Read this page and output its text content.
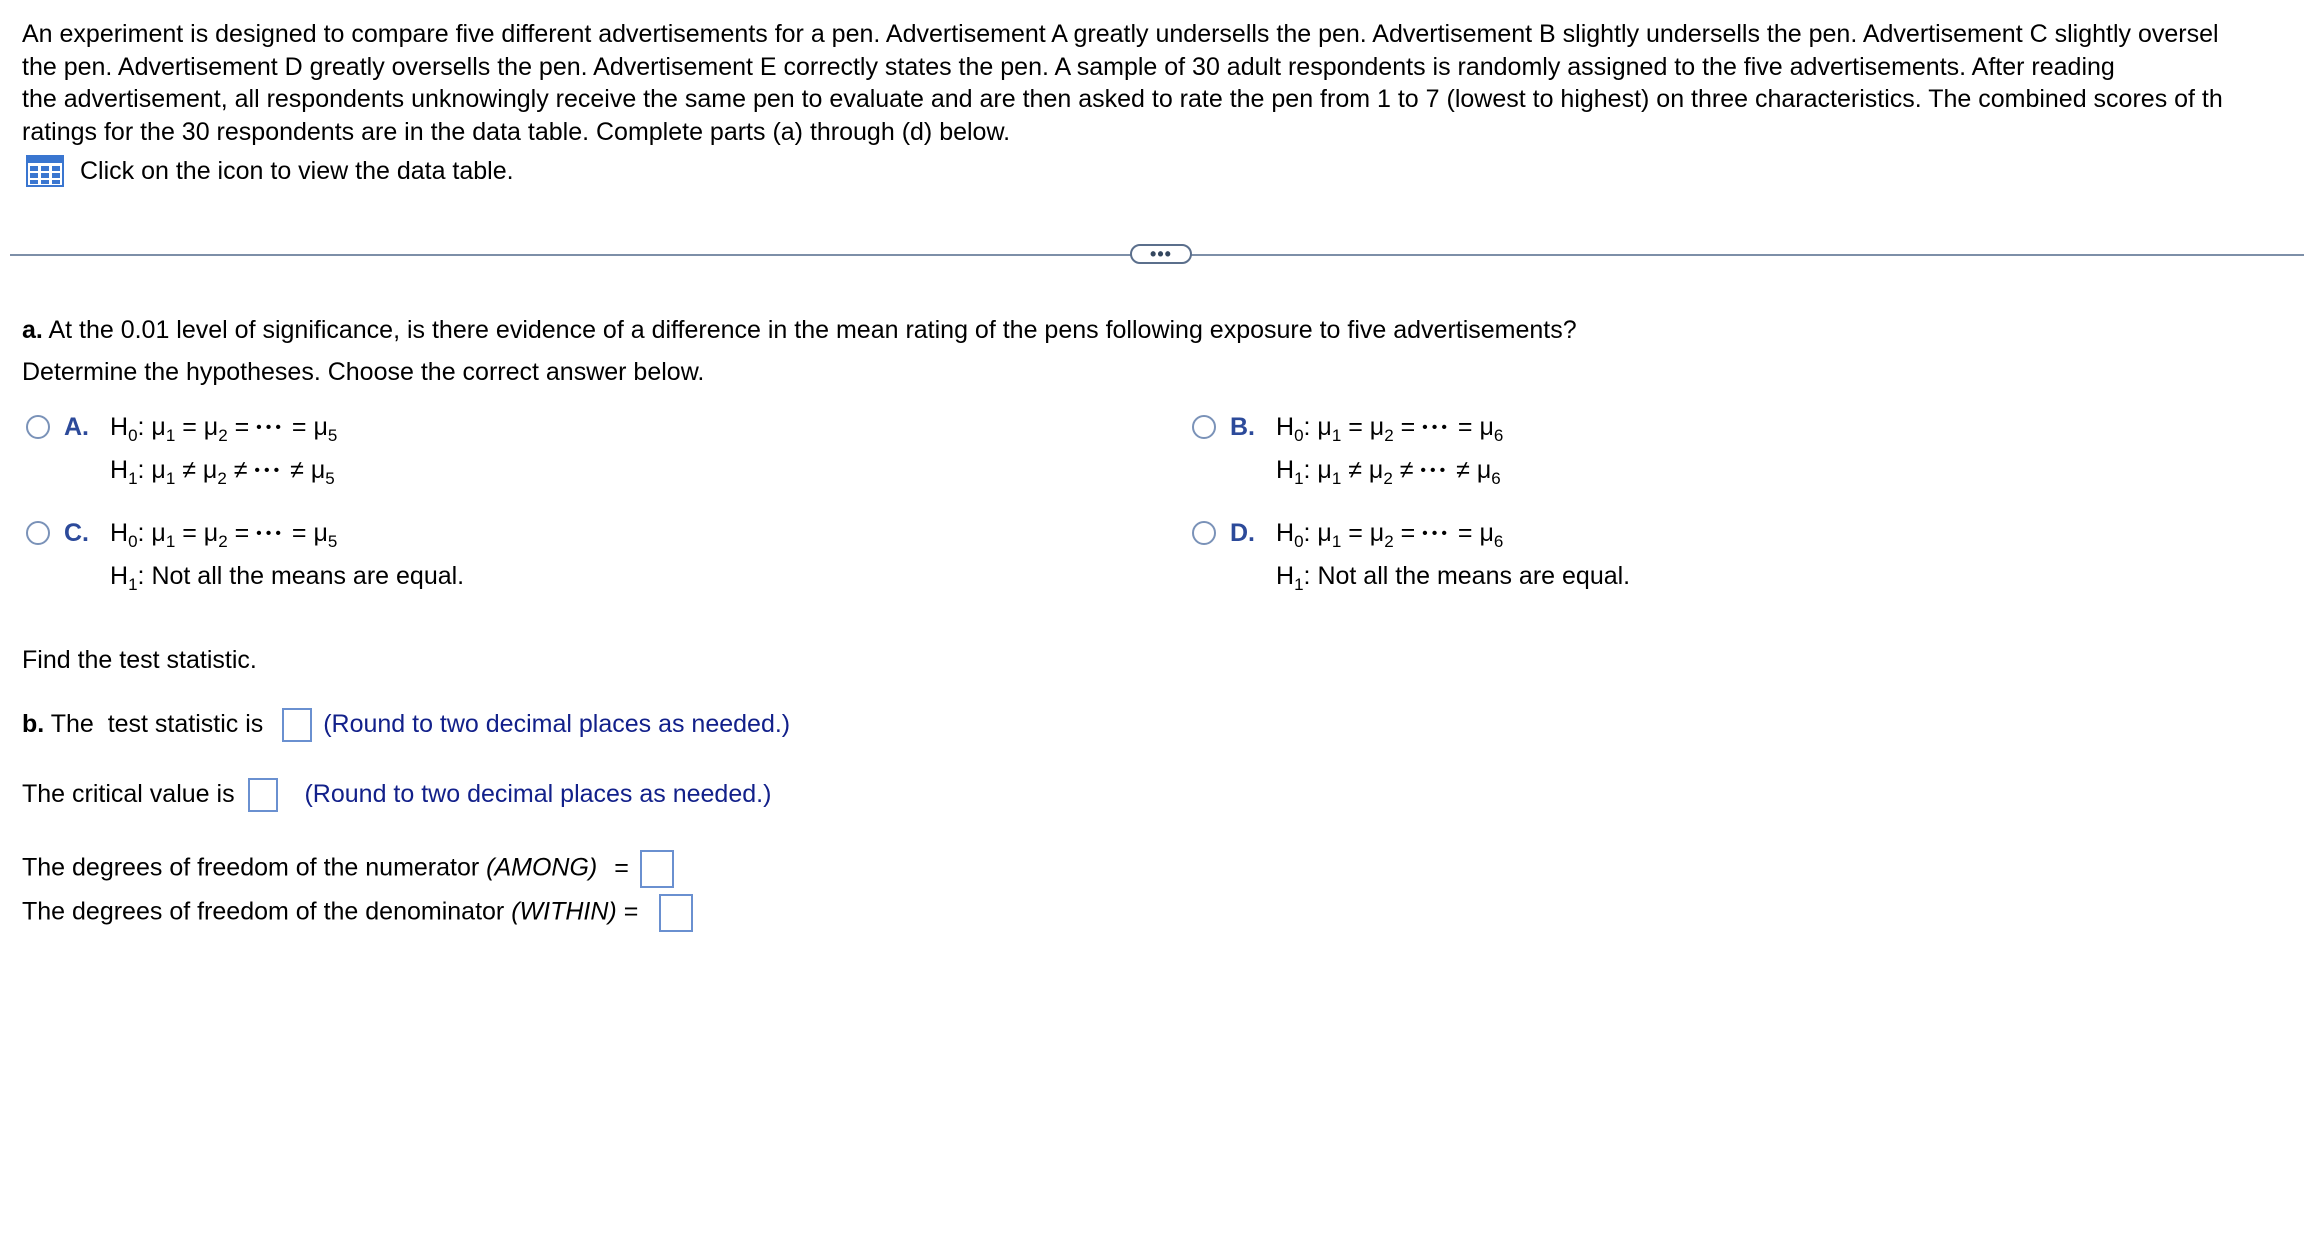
An experiment is designed to compare five different advertisements for a pen. Advertisement A greatly undersells the pen. Advertisement B slightly undersells the pen. Advertisement C slightly oversel
the pen. Advertisement D greatly oversells the pen. Advertisement E correctly states the pen. A sample of 30 adult respondents is randomly assigned to the five advertisements. After reading
the advertisement, all respondents unknowingly receive the same pen to evaluate and are then asked to rate the pen from 1 to 7 (lowest to highest) on three characteristics. The combined scores of th
ratings for the 30 respondents are in the data table. Complete parts (a) through (d) below.
Click on the icon to view the data table.
•••
a. At the 0.01 level of significance, is there evidence of a difference in the mean rating of the pens following exposure to five advertisements?
Determine the hypotheses. Choose the correct answer below.
A. $H_0$: $\mu_1 = \mu_2$ = ••• = $\mu_5$
$H_1$: $\mu_1 \ne \mu_2$ ≠ ••• ≠ $\mu_5$
B. $H_0$: $\mu_1 = \mu_2$ = ••• = $\mu_6$
$H_1$: $\mu_1 \ne \mu_2$ ≠ ••• ≠ $\mu_6$
C. $H_0$: $\mu_1 = \mu_2$ = ••• = $\mu_5$
$H_1$: Not all the means are equal.
D. $H_0$: $\mu_1 = \mu_2$ = ••• = $\mu_6$
$H_1$: Not all the means are equal.
Find the test statistic.
b. The  test statistic is (Round to two decimal places as needed.)
The critical value is	(Round to two decimal places as needed.)
The degrees of freedom of the numerator (AMONG) =
The degrees of freedom of the denominator (WITHIN) =
